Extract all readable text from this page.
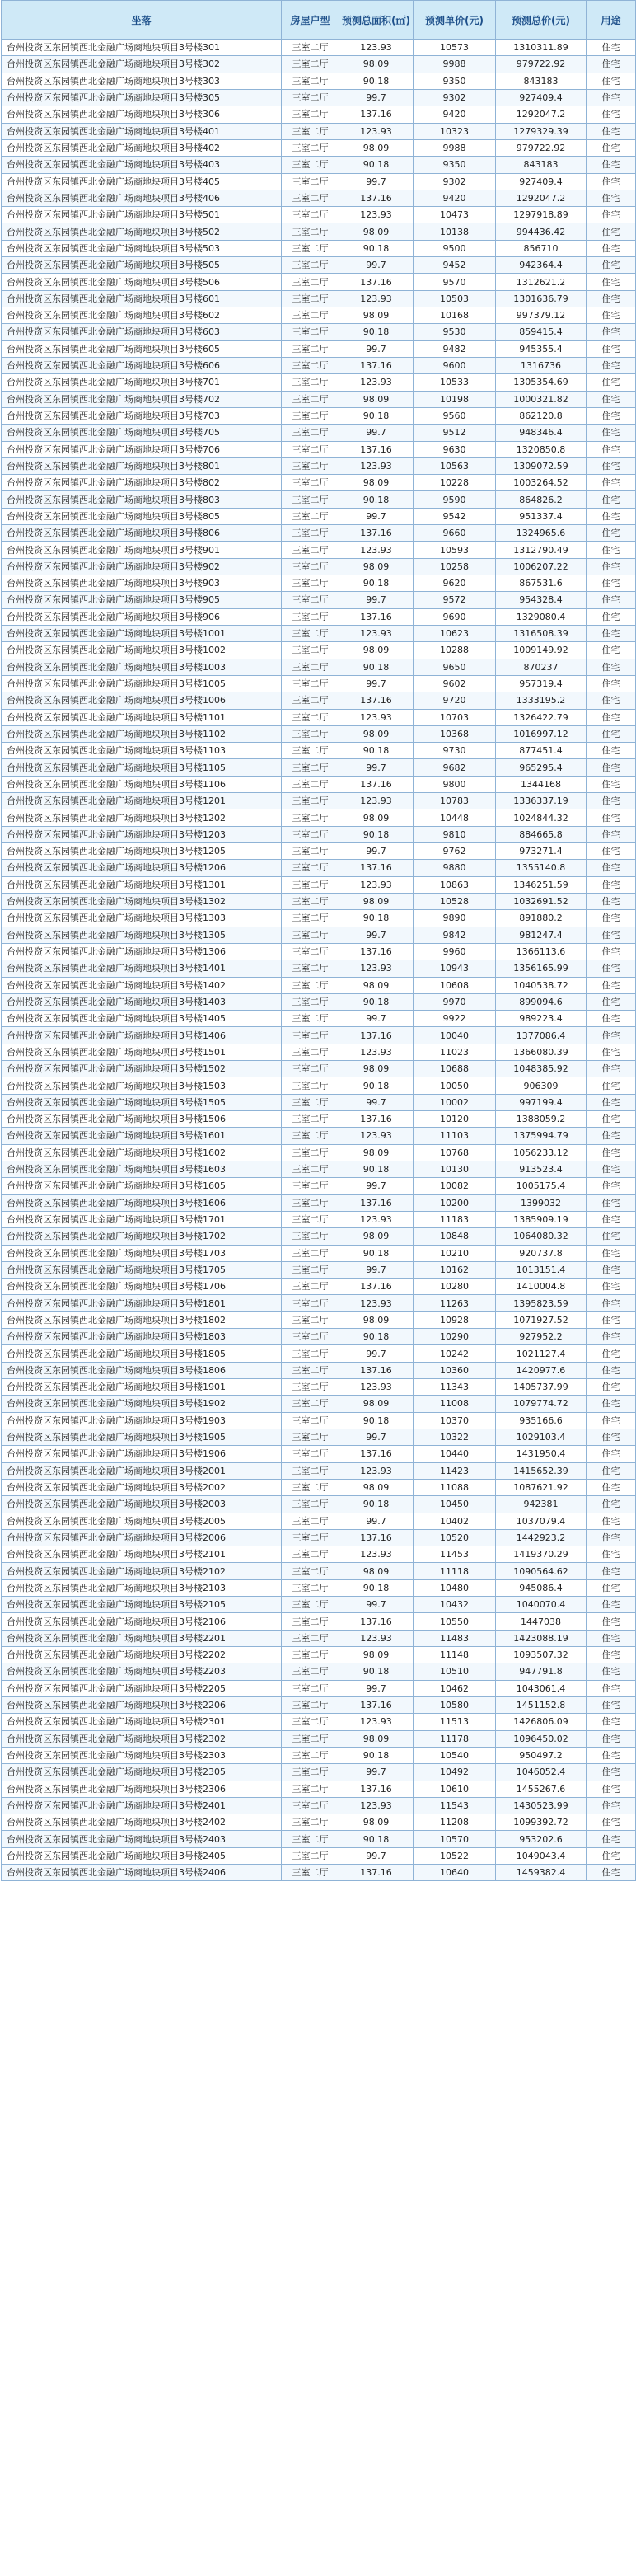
坐落	房屋户型	预测总面积(㎡)	预测单价(元)	预测总价(元)	用途
台州投资区东园镇西北金融广场商地块项目3号楼301	三室二厅	123.93	10573	1310311.89	住宅
台州投资区东园镇西北金融广场商地块项目3号楼302	三室二厅	98.09	9988	979722.92	住宅
台州投资区东园镇西北金融广场商地块项目3号楼303	三室二厅	90.18	9350	843183	住宅
台州投资区东园镇西北金融广场商地块项目3号楼305	三室二厅	99.7	9302	927409.4	住宅
台州投资区东园镇西北金融广场商地块项目3号楼306	三室二厅	137.16	9420	1292047.2	住宅
台州投资区东园镇西北金融广场商地块项目3号楼401	三室二厅	123.93	10323	1279329.39	住宅
台州投资区东园镇西北金融广场商地块项目3号楼402	三室二厅	98.09	9988	979722.92	住宅
台州投资区东园镇西北金融广场商地块项目3号楼403	三室二厅	90.18	9350	843183	住宅
台州投资区东园镇西北金融广场商地块项目3号楼405	三室二厅	99.7	9302	927409.4	住宅
台州投资区东园镇西北金融广场商地块项目3号楼406	三室二厅	137.16	9420	1292047.2	住宅
台州投资区东园镇西北金融广场商地块项目3号楼501	三室二厅	123.93	10473	1297918.89	住宅
台州投资区东园镇西北金融广场商地块项目3号楼502	三室二厅	98.09	10138	994436.42	住宅
台州投资区东园镇西北金融广场商地块项目3号楼503	三室二厅	90.18	9500	856710	住宅
台州投资区东园镇西北金融广场商地块项目3号楼505	三室二厅	99.7	9452	942364.4	住宅
台州投资区东园镇西北金融广场商地块项目3号楼506	三室二厅	137.16	9570	1312621.2	住宅
台州投资区东园镇西北金融广场商地块项目3号楼601	三室二厅	123.93	10503	1301636.79	住宅
台州投资区东园镇西北金融广场商地块项目3号楼602	三室二厅	98.09	10168	997379.12	住宅
台州投资区东园镇西北金融广场商地块项目3号楼603	三室二厅	90.18	9530	859415.4	住宅
台州投资区东园镇西北金融广场商地块项目3号楼605	三室二厅	99.7	9482	945355.4	住宅
台州投资区东园镇西北金融广场商地块项目3号楼606	三室二厅	137.16	9600	1316736	住宅
台州投资区东园镇西北金融广场商地块项目3号楼701	三室二厅	123.93	10533	1305354.69	住宅
台州投资区东园镇西北金融广场商地块项目3号楼702	三室二厅	98.09	10198	1000321.82	住宅
台州投资区东园镇西北金融广场商地块项目3号楼703	三室二厅	90.18	9560	862120.8	住宅
台州投资区东园镇西北金融广场商地块项目3号楼705	三室二厅	99.7	9512	948346.4	住宅
台州投资区东园镇西北金融广场商地块项目3号楼706	三室二厅	137.16	9630	1320850.8	住宅
台州投资区东园镇西北金融广场商地块项目3号楼801	三室二厅	123.93	10563	1309072.59	住宅
台州投资区东园镇西北金融广场商地块项目3号楼802	三室二厅	98.09	10228	1003264.52	住宅
台州投资区东园镇西北金融广场商地块项目3号楼803	三室二厅	90.18	9590	864826.2	住宅
台州投资区东园镇西北金融广场商地块项目3号楼805	三室二厅	99.7	9542	951337.4	住宅
台州投资区东园镇西北金融广场商地块项目3号楼806	三室二厅	137.16	9660	1324965.6	住宅
台州投资区东园镇西北金融广场商地块项目3号楼901	三室二厅	123.93	10593	1312790.49	住宅
台州投资区东园镇西北金融广场商地块项目3号楼902	三室二厅	98.09	10258	1006207.22	住宅
台州投资区东园镇西北金融广场商地块项目3号楼903	三室二厅	90.18	9620	867531.6	住宅
台州投资区东园镇西北金融广场商地块项目3号楼905	三室二厅	99.7	9572	954328.4	住宅
台州投资区东园镇西北金融广场商地块项目3号楼906	三室二厅	137.16	9690	1329080.4	住宅
台州投资区东园镇西北金融广场商地块项目3号楼1001	三室二厅	123.93	10623	1316508.39	住宅
台州投资区东园镇西北金融广场商地块项目3号楼1002	三室二厅	98.09	10288	1009149.92	住宅
台州投资区东园镇西北金融广场商地块项目3号楼1003	三室二厅	90.18	9650	870237	住宅
台州投资区东园镇西北金融广场商地块项目3号楼1005	三室二厅	99.7	9602	957319.4	住宅
台州投资区东园镇西北金融广场商地块项目3号楼1006	三室二厅	137.16	9720	1333195.2	住宅
台州投资区东园镇西北金融广场商地块项目3号楼1101	三室二厅	123.93	10703	1326422.79	住宅
台州投资区东园镇西北金融广场商地块项目3号楼1102	三室二厅	98.09	10368	1016997.12	住宅
台州投资区东园镇西北金融广场商地块项目3号楼1103	三室二厅	90.18	9730	877451.4	住宅
台州投资区东园镇西北金融广场商地块项目3号楼1105	三室二厅	99.7	9682	965295.4	住宅
台州投资区东园镇西北金融广场商地块项目3号楼1106	三室二厅	137.16	9800	1344168	住宅
台州投资区东园镇西北金融广场商地块项目3号楼1201	三室二厅	123.93	10783	1336337.19	住宅
台州投资区东园镇西北金融广场商地块项目3号楼1202	三室二厅	98.09	10448	1024844.32	住宅
台州投资区东园镇西北金融广场商地块项目3号楼1203	三室二厅	90.18	9810	884665.8	住宅
台州投资区东园镇西北金融广场商地块项目3号楼1205	三室二厅	99.7	9762	973271.4	住宅
台州投资区东园镇西北金融广场商地块项目3号楼1206	三室二厅	137.16	9880	1355140.8	住宅
台州投资区东园镇西北金融广场商地块项目3号楼1301	三室二厅	123.93	10863	1346251.59	住宅
台州投资区东园镇西北金融广场商地块项目3号楼1302	三室二厅	98.09	10528	1032691.52	住宅
台州投资区东园镇西北金融广场商地块项目3号楼1303	三室二厅	90.18	9890	891880.2	住宅
台州投资区东园镇西北金融广场商地块项目3号楼1305	三室二厅	99.7	9842	981247.4	住宅
台州投资区东园镇西北金融广场商地块项目3号楼1306	三室二厅	137.16	9960	1366113.6	住宅
台州投资区东园镇西北金融广场商地块项目3号楼1401	三室二厅	123.93	10943	1356165.99	住宅
台州投资区东园镇西北金融广场商地块项目3号楼1402	三室二厅	98.09	10608	1040538.72	住宅
台州投资区东园镇西北金融广场商地块项目3号楼1403	三室二厅	90.18	9970	899094.6	住宅
台州投资区东园镇西北金融广场商地块项目3号楼1405	三室二厅	99.7	9922	989223.4	住宅
台州投资区东园镇西北金融广场商地块项目3号楼1406	三室二厅	137.16	10040	1377086.4	住宅
台州投资区东园镇西北金融广场商地块项目3号楼1501	三室二厅	123.93	11023	1366080.39	住宅
台州投资区东园镇西北金融广场商地块项目3号楼1502	三室二厅	98.09	10688	1048385.92	住宅
台州投资区东园镇西北金融广场商地块项目3号楼1503	三室二厅	90.18	10050	906309	住宅
台州投资区东园镇西北金融广场商地块项目3号楼1505	三室二厅	99.7	10002	997199.4	住宅
台州投资区东园镇西北金融广场商地块项目3号楼1506	三室二厅	137.16	10120	1388059.2	住宅
台州投资区东园镇西北金融广场商地块项目3号楼1601	三室二厅	123.93	11103	1375994.79	住宅
台州投资区东园镇西北金融广场商地块项目3号楼1602	三室二厅	98.09	10768	1056233.12	住宅
台州投资区东园镇西北金融广场商地块项目3号楼1603	三室二厅	90.18	10130	913523.4	住宅
台州投资区东园镇西北金融广场商地块项目3号楼1605	三室二厅	99.7	10082	1005175.4	住宅
台州投资区东园镇西北金融广场商地块项目3号楼1606	三室二厅	137.16	10200	1399032	住宅
台州投资区东园镇西北金融广场商地块项目3号楼1701	三室二厅	123.93	11183	1385909.19	住宅
台州投资区东园镇西北金融广场商地块项目3号楼1702	三室二厅	98.09	10848	1064080.32	住宅
台州投资区东园镇西北金融广场商地块项目3号楼1703	三室二厅	90.18	10210	920737.8	住宅
台州投资区东园镇西北金融广场商地块项目3号楼1705	三室二厅	99.7	10162	1013151.4	住宅
台州投资区东园镇西北金融广场商地块项目3号楼1706	三室二厅	137.16	10280	1410004.8	住宅
台州投资区东园镇西北金融广场商地块项目3号楼1801	三室二厅	123.93	11263	1395823.59	住宅
台州投资区东园镇西北金融广场商地块项目3号楼1802	三室二厅	98.09	10928	1071927.52	住宅
台州投资区东园镇西北金融广场商地块项目3号楼1803	三室二厅	90.18	10290	927952.2	住宅
台州投资区东园镇西北金融广场商地块项目3号楼1805	三室二厅	99.7	10242	1021127.4	住宅
台州投资区东园镇西北金融广场商地块项目3号楼1806	三室二厅	137.16	10360	1420977.6	住宅
台州投资区东园镇西北金融广场商地块项目3号楼1901	三室二厅	123.93	11343	1405737.99	住宅
台州投资区东园镇西北金融广场商地块项目3号楼1902	三室二厅	98.09	11008	1079774.72	住宅
台州投资区东园镇西北金融广场商地块项目3号楼1903	三室二厅	90.18	10370	935166.6	住宅
台州投资区东园镇西北金融广场商地块项目3号楼1905	三室二厅	99.7	10322	1029103.4	住宅
台州投资区东园镇西北金融广场商地块项目3号楼1906	三室二厅	137.16	10440	1431950.4	住宅
台州投资区东园镇西北金融广场商地块项目3号楼2001	三室二厅	123.93	11423	1415652.39	住宅
台州投资区东园镇西北金融广场商地块项目3号楼2002	三室二厅	98.09	11088	1087621.92	住宅
台州投资区东园镇西北金融广场商地块项目3号楼2003	三室二厅	90.18	10450	942381	住宅
台州投资区东园镇西北金融广场商地块项目3号楼2005	三室二厅	99.7	10402	1037079.4	住宅
台州投资区东园镇西北金融广场商地块项目3号楼2006	三室二厅	137.16	10520	1442923.2	住宅
台州投资区东园镇西北金融广场商地块项目3号楼2101	三室二厅	123.93	11453	1419370.29	住宅
台州投资区东园镇西北金融广场商地块项目3号楼2102	三室二厅	98.09	11118	1090564.62	住宅
台州投资区东园镇西北金融广场商地块项目3号楼2103	三室二厅	90.18	10480	945086.4	住宅
台州投资区东园镇西北金融广场商地块项目3号楼2105	三室二厅	99.7	10432	1040070.4	住宅
台州投资区东园镇西北金融广场商地块项目3号楼2106	三室二厅	137.16	10550	1447038	住宅
台州投资区东园镇西北金融广场商地块项目3号楼2201	三室二厅	123.93	11483	1423088.19	住宅
台州投资区东园镇西北金融广场商地块项目3号楼2202	三室二厅	98.09	11148	1093507.32	住宅
台州投资区东园镇西北金融广场商地块项目3号楼2203	三室二厅	90.18	10510	947791.8	住宅
台州投资区东园镇西北金融广场商地块项目3号楼2205	三室二厅	99.7	10462	1043061.4	住宅
台州投资区东园镇西北金融广场商地块项目3号楼2206	三室二厅	137.16	10580	1451152.8	住宅
台州投资区东园镇西北金融广场商地块项目3号楼2301	三室二厅	123.93	11513	1426806.09	住宅
台州投资区东园镇西北金融广场商地块项目3号楼2302	三室二厅	98.09	11178	1096450.02	住宅
台州投资区东园镇西北金融广场商地块项目3号楼2303	三室二厅	90.18	10540	950497.2	住宅
台州投资区东园镇西北金融广场商地块项目3号楼2305	三室二厅	99.7	10492	1046052.4	住宅
台州投资区东园镇西北金融广场商地块项目3号楼2306	三室二厅	137.16	10610	1455267.6	住宅
台州投资区东园镇西北金融广场商地块项目3号楼2401	三室二厅	123.93	11543	1430523.99	住宅
台州投资区东园镇西北金融广场商地块项目3号楼2402	三室二厅	98.09	11208	1099392.72	住宅
台州投资区东园镇西北金融广场商地块项目3号楼2403	三室二厅	90.18	10570	953202.6	住宅
台州投资区东园镇西北金融广场商地块项目3号楼2405	三室二厅	99.7	10522	1049043.4	住宅
台州投资区东园镇西北金融广场商地块项目3号楼2406	三室二厅	137.16	10640	1459382.4	住宅
